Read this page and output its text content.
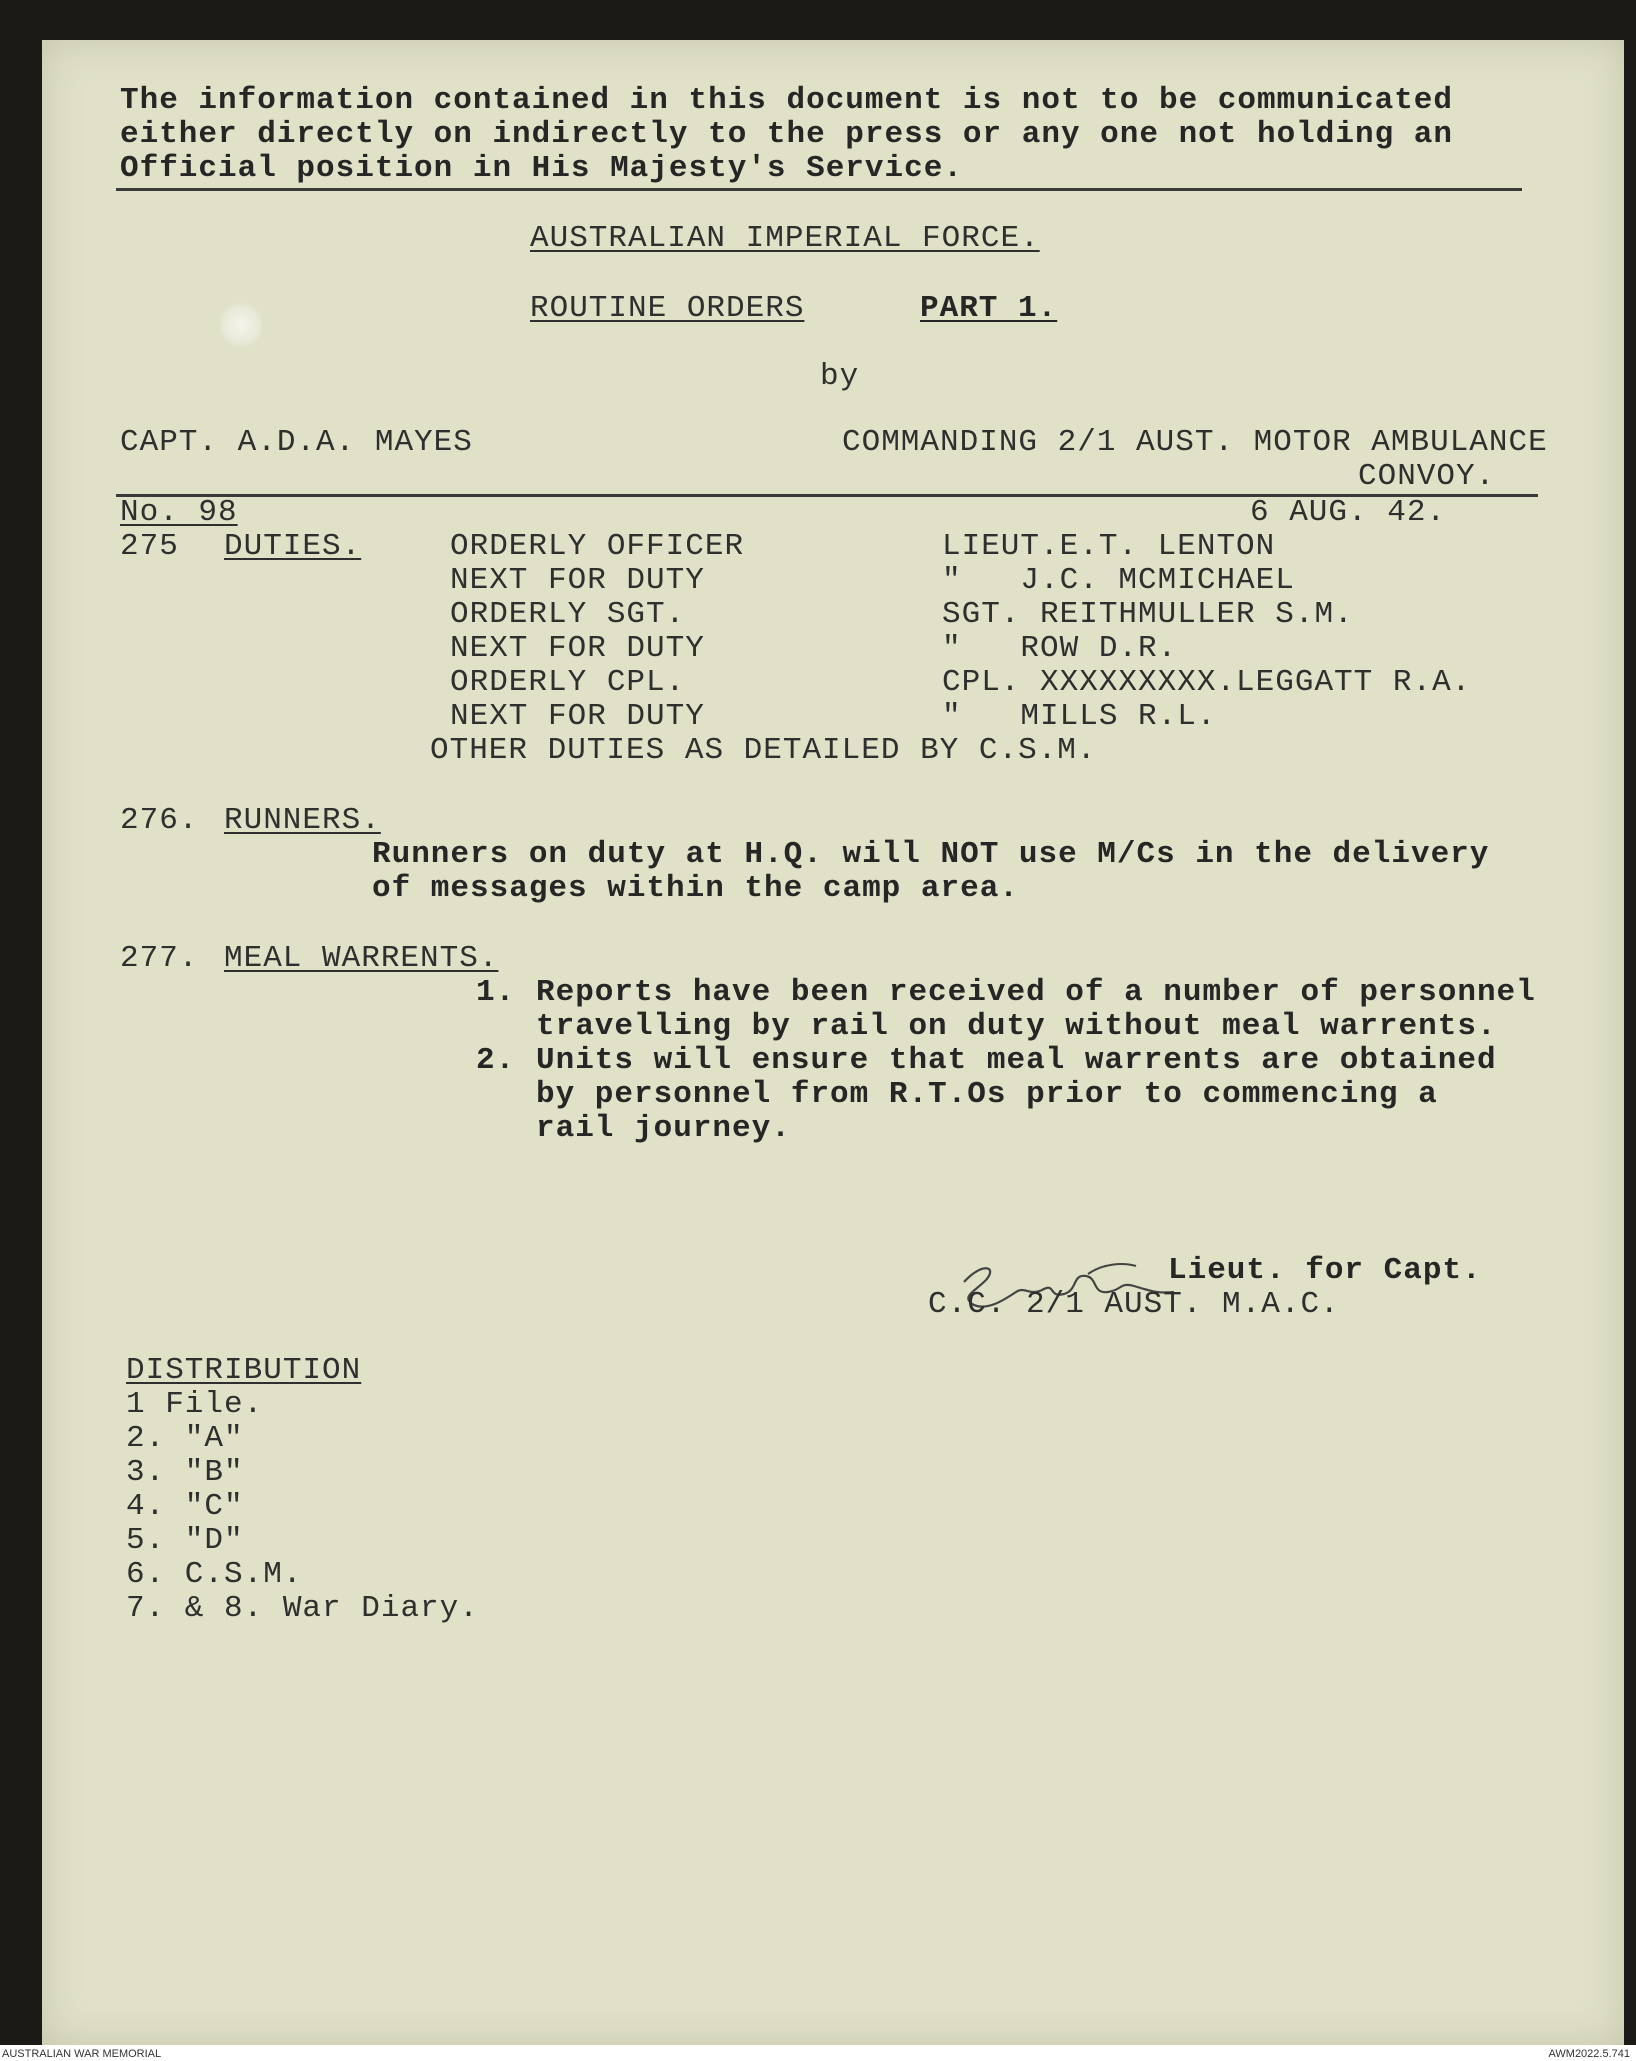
The information contained in this document is not to be communicated
either directly on indirectly to the press or any one not holding an
Official position in His Majesty's Service.
AUSTRALIAN IMPERIAL FORCE.
ROUTINE ORDERS	PART 1.
by
CAPT. A.D.A. MAYES	COMMANDING 2/1 AUST. MOTOR AMBULANCE
CONVOY.
No. 98	6 AUG. 42.
275 DUTIES.	ORDERLY OFFICER	LIEUT.E.T. LENTON
NEXT FOR DUTY	"   J.C. MCMICHAEL
ORDERLY SGT.	SGT. REITHMULLER S.M.
NEXT FOR DUTY	"   ROW D.R.
ORDERLY CPL.	CPL. XXXXXXXXX.LEGGATT R.A.
NEXT FOR DUTY	"   MILLS R.L.
OTHER DUTIES AS DETAILED BY C.S.M.
276. RUNNERS.
Runners on duty at H.Q. will NOT use M/Cs in the delivery
of messages within the camp area.
277. MEAL WARRENTS.
1. Reports have been received of a number of personnel
travelling by rail on duty without meal warrents.
2. Units will ensure that meal warrents are obtained
by personnel from R.T.Os prior to commencing a
rail journey.
Lieut. for Capt.
C.C. 2/1 AUST. M.A.C.
DISTRIBUTION
1 File.
2. "A"
3. "B"
4. "C"
5. "D"
6. C.S.M.
7. & 8. War Diary.
AUSTRALIAN WAR MEMORIAL	AWM2022.5.741
